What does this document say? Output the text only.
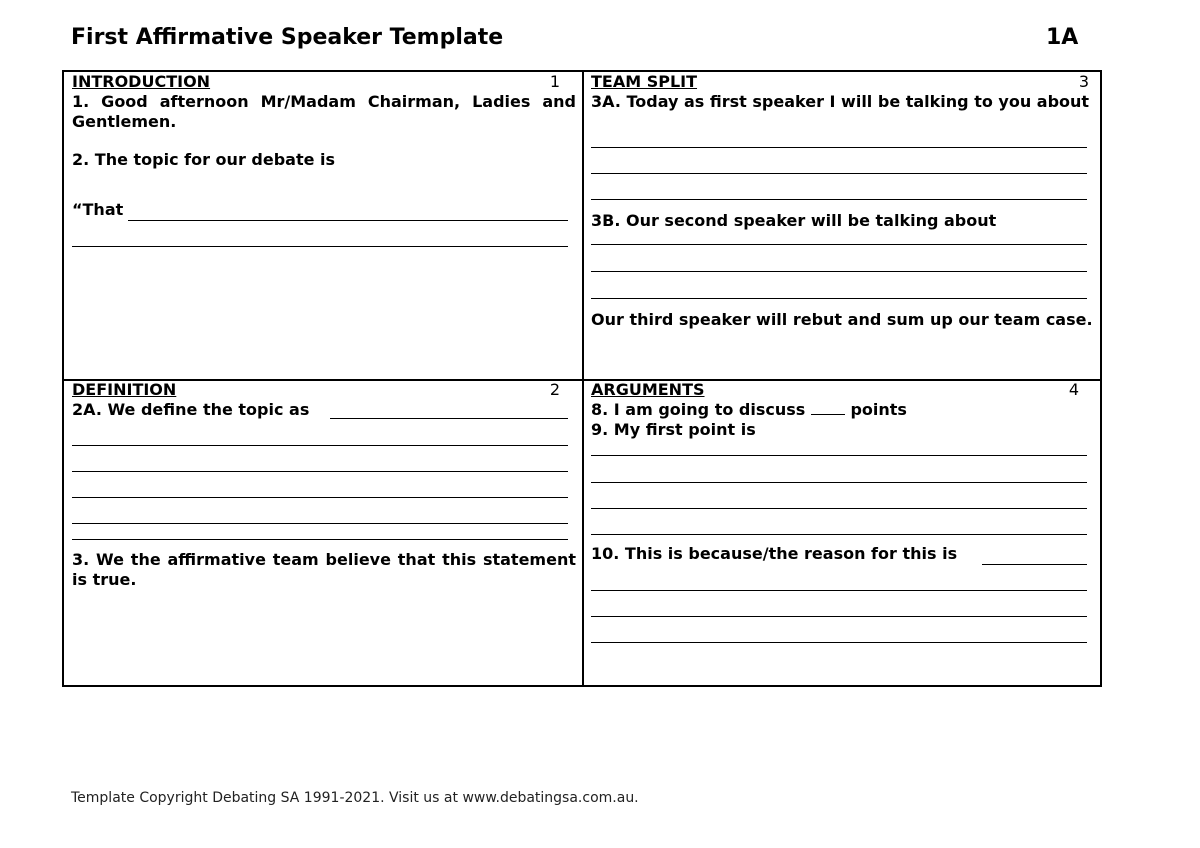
First Affirmative Speaker Template	1A
INTRODUCTION	1

1. Good afternoon Mr/Madam Chairman, Ladies and Gentlemen.

2. The topic for our debate is

“That

TEAM SPLIT	3

3A. Today as first speaker I will be talking to you about

3B. Our second speaker will be talking about
Our third speaker will rebut and sum up our team case.
DEFINITION	2

2A. We define the topic as

3. We the affirmative team believe that this statement is true.
ARGUMENTS	4

8. I am going to discuss	points

9. My first point is

10. This is because/the reason for this is
Template Copyright Debating SA 1991-2021. Visit us at www.debatingsa.com.au.
